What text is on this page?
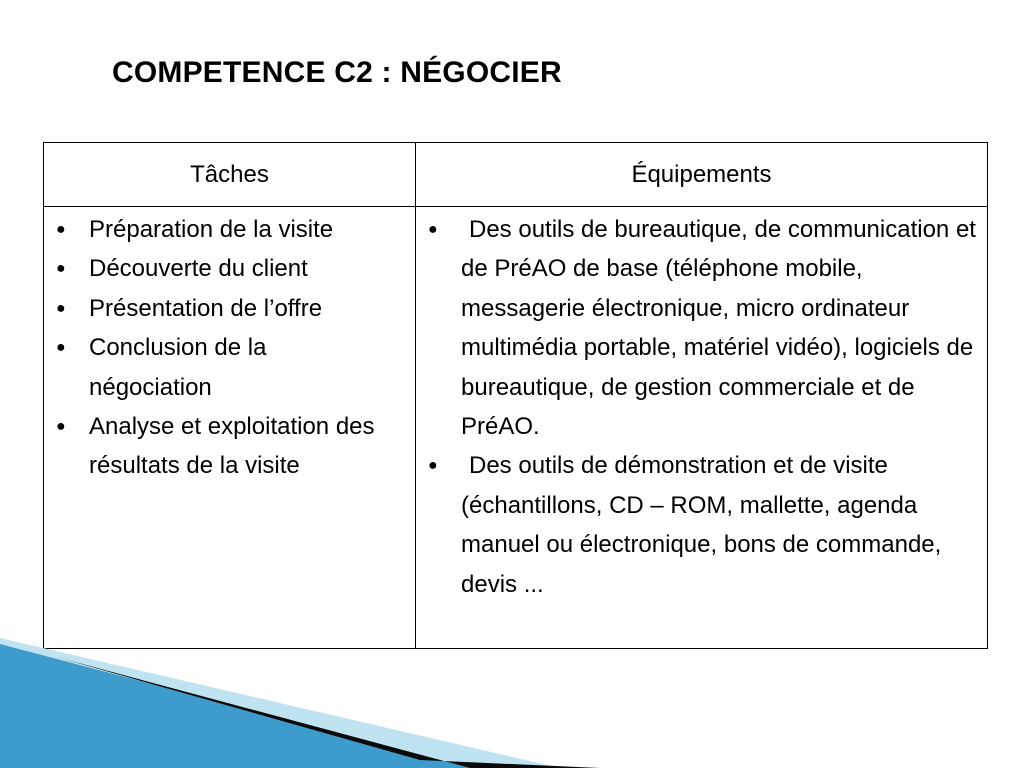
COMPETENCE C2 : NÉGOCIER
Tâches	Équipements
● Préparation de la visite
● Découverte du client
● Présentation de l’offre
● Conclusion de la négociation
● Analyse et exploitation des résultats de la visite
● Des outils de bureautique, de communication et de PréAO de base (téléphone mobile, messagerie électronique, micro ordinateur multimédia portable, matériel vidéo), logiciels de bureautique, de gestion commerciale et de PréAO.
● Des outils de démonstration et de visite (échantillons, CD – ROM, mallette, agenda manuel ou électronique, bons de commande, devis ...
